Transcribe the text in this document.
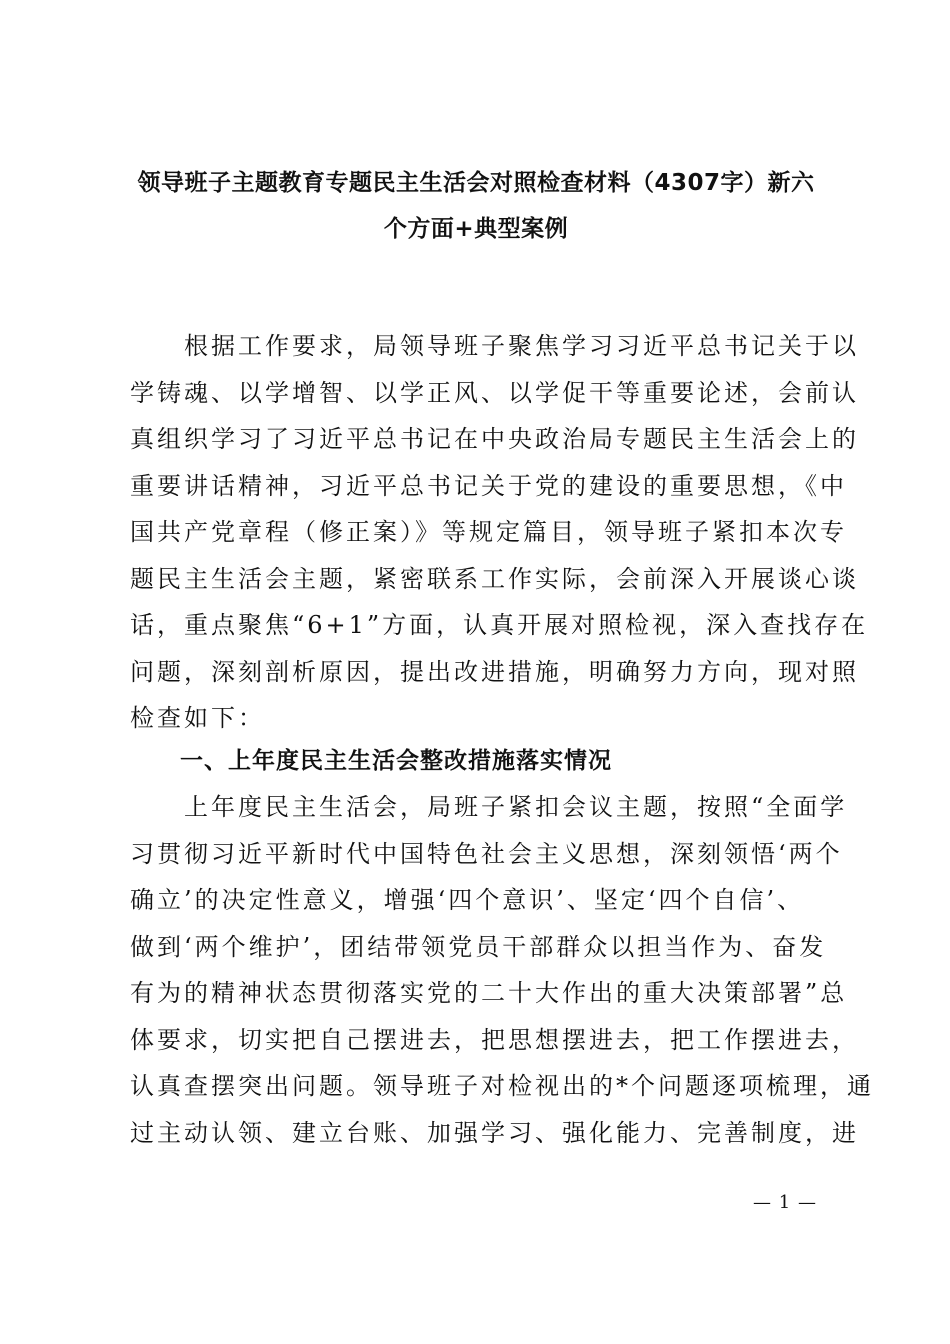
领导班子主题教育专题民主生活会对照检查材料（4307字）新六
个方面+典型案例
　　根据工作要求，局领导班子聚焦学习习近平总书记关于以
学铸魂、以学增智、以学正风、以学促干等重要论述，会前认
真组织学习了习近平总书记在中央政治局专题民主生活会上的
重要讲话精神，习近平总书记关于党的建设的重要思想，《中
国共产党章程（修正案）》等规定篇目，领导班子紧扣本次专
题民主生活会主题，紧密联系工作实际，会前深入开展谈心谈
话，重点聚焦“6+1”方面，认真开展对照检视，深入查找存在
问题，深刻剖析原因，提出改进措施，明确努力方向，现对照
检查如下：
一、上年度民主生活会整改措施落实情况
　　上年度民主生活会，局班子紧扣会议主题，按照“全面学
习贯彻习近平新时代中国特色社会主义思想，深刻领悟‘两个
确立’的决定性意义，增强‘四个意识’、坚定‘四个自信’、
做到‘两个维护’，团结带领党员干部群众以担当作为、奋发
有为的精神状态贯彻落实党的二十大作出的重大决策部署”总
体要求，切实把自己摆进去，把思想摆进去，把工作摆进去，
认真查摆突出问题。领导班子对检视出的*个问题逐项梳理，通
过主动认领、建立台账、加强学习、强化能力、完善制度，进
— 1 —
